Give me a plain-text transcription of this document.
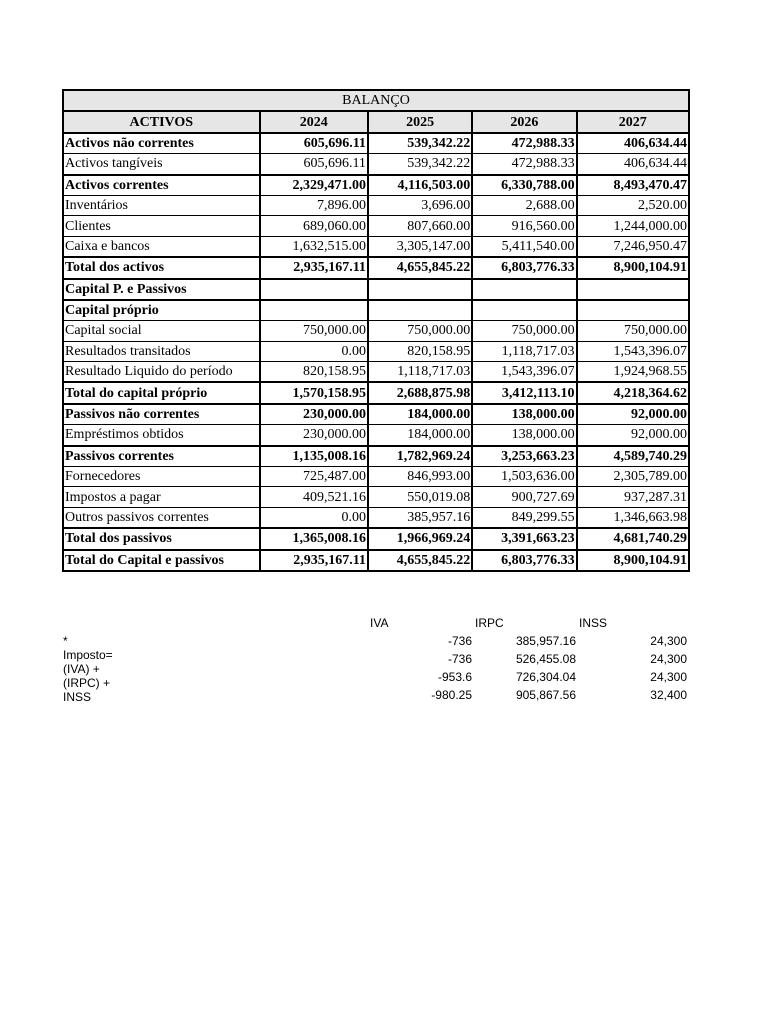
BALANÇO				
ACTIVOS	2024	2025	2026	2027
Activos não correntes	605,696.11	539,342.22	472,988.33	406,634.44
Activos tangíveis	605,696.11	539,342.22	472,988.33	406,634.44
Activos correntes	2,329,471.00	4,116,503.00	6,330,788.00	8,493,470.47
Inventários	7,896.00	3,696.00	2,688.00	2,520.00
Clientes	689,060.00	807,660.00	916,560.00	1,244,000.00
Caixa e bancos	1,632,515.00	3,305,147.00	5,411,540.00	7,246,950.47
Total dos activos	2,935,167.11	4,655,845.22	6,803,776.33	8,900,104.91
Capital P. e Passivos				
Capital próprio				
Capital social	750,000.00	750,000.00	750,000.00	750,000.00
Resultados transitados	0.00	820,158.95	1,118,717.03	1,543,396.07
Resultado Liquido do período	820,158.95	1,118,717.03	1,543,396.07	1,924,968.55
Total do capital próprio	1,570,158.95	2,688,875.98	3,412,113.10	4,218,364.62
Passivos não correntes	230,000.00	184,000.00	138,000.00	92,000.00
Empréstimos obtidos	230,000.00	184,000.00	138,000.00	92,000.00
Passivos correntes	1,135,008.16	1,782,969.24	3,253,663.23	4,589,740.29
Fornecedores	725,487.00	846,993.00	1,503,636.00	2,305,789.00
Impostos a pagar	409,521.16	550,019.08	900,727.69	937,287.31
Outros passivos correntes	0.00	385,957.16	849,299.55	1,346,663.98
Total dos passivos	1,365,008.16	1,966,969.24	3,391,663.23	4,681,740.29
Total do Capital e passivos	2,935,167.11	4,655,845.22	6,803,776.33	8,900,104.91
IVA	IRPC	INSS
* Imposto= (IVA) + (IRPC) + INSS
-736	385,957.16	24,300
-736	526,455.08	24,300
-953.6	726,304.04	24,300
-980.25	905,867.56	32,400
